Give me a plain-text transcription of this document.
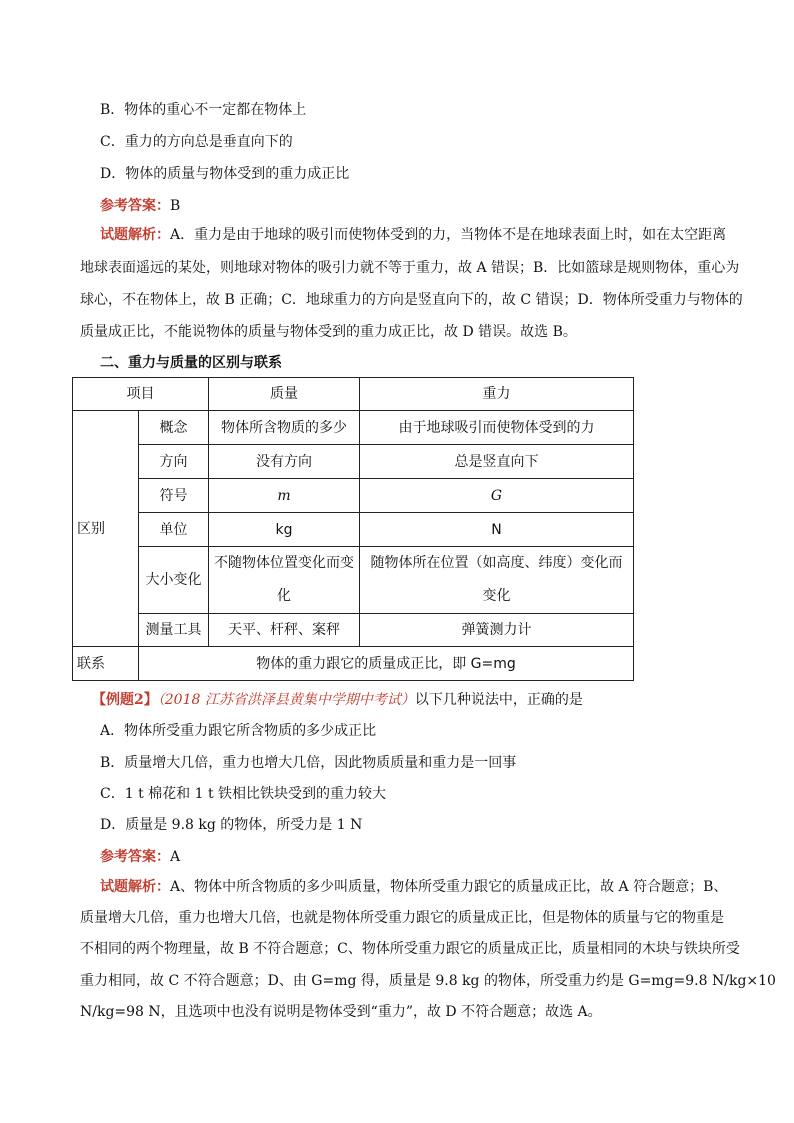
B．物体的重心不一定都在物体上
C．重力的方向总是垂直向下的
D．物体的质量与物体受到的重力成正比
参考答案：B
试题解析：A．重力是由于地球的吸引而使物体受到的力，当物体不是在地球表面上时，如在太空距离
地球表面遥远的某处，则地球对物体的吸引力就不等于重力，故 A 错误；B．比如篮球是规则物体，重心为
球心，不在物体上，故 B 正确；C．地球重力的方向是竖直向下的，故 C 错误；D．物体所受重力与物体的
质量成正比，不能说物体的质量与物体受到的重力成正比，故 D 错误。故选 B。
二、重力与质量的区别与联系
项目		质量	重力
区别	概念	物体所含物质的多少	由于地球吸引而使物体受到的力
	方向	没有方向	总是竖直向下
	符号	m	G
	单位	kg	N
	大小变化	不随物体位置变化而变化	随物体所在位置（如高度、纬度）变化而变化
	测量工具	天平、杆秤、案秤	弹簧测力计
联系	物体的重力跟它的质量成正比，即 G=mg		
【例题2】（2018 江苏省洪泽县黄集中学期中考试）以下几种说法中，正确的是
A．物体所受重力跟它所含物质的多少成正比
B．质量增大几倍，重力也增大几倍，因此物质质量和重力是一回事
C．1 t 棉花和 1 t 铁相比铁块受到的重力较大
D．质量是 9.8 kg 的物体，所受力是 1 N
参考答案：A
试题解析：A、物体中所含物质的多少叫质量，物体所受重力跟它的质量成正比，故 A 符合题意；B、
质量增大几倍，重力也增大几倍，也就是物体所受重力跟它的质量成正比，但是物体的质量与它的物重是
不相同的两个物理量，故 B 不符合题意；C、物体所受重力跟它的质量成正比，质量相同的木块与铁块所受
重力相同，故 C 不符合题意；D、由 G=mg 得，质量是 9.8 kg 的物体，所受重力约是 G=mg=9.8 N/kg×10
N/kg=98 N，且选项中也没有说明是物体受到“重力”，故 D 不符合题意；故选 A。
